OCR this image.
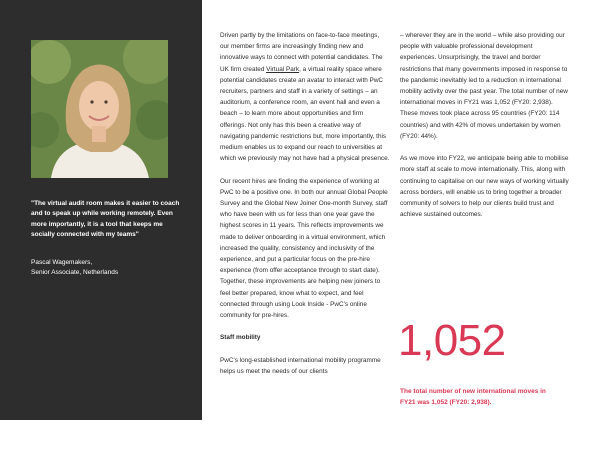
"The virtual audit room makes it easier to coach and to speak up while working remotely. Even more importantly, it is a tool that keeps me socially connected with my teams"
Pascal Wagemakers,
Senior Associate, Netherlands

Driven partly by the limitations on face-to-face meetings, our member firms are increasingly finding new and innovative ways to connect with potential candidates. The UK firm created Virtual Park, a virtual reality space where potential candidates create an avatar to interact with PwC recruiters, partners and staff in a variety of settings – an auditorium, a conference room, an event hall and even a beach – to learn more about opportunities and firm offerings. Not only has this been a creative way of navigating pandemic restrictions but, more importantly, this medium enables us to expand our reach to universities at which we previously may not have had a physical presence.

Our recent hires are finding the experience of working at PwC to be a positive one. In both our annual Global People Survey and the Global New Joiner One-month Survey, staff who have been with us for less than one year gave the highest scores in 11 years. This reflects improvements we made to deliver onboarding in a virtual environment, which increased the quality, consistency and inclusivity of the experience, and put a particular focus on the pre-hire experience (from offer acceptance through to start date). Together, these improvements are helping new joiners to feel better prepared, know what to expect, and feel connected through using Look Inside - PwC's online community for pre-hires.

Staff mobility

PwC's long-established international mobility programme helps us meet the needs of our clients

– wherever they are in the world – while also providing our people with valuable professional development experiences. Unsurprisingly, the travel and border restrictions that many governments imposed in response to the pandemic inevitably led to a reduction in international mobility activity over the past year. The total number of new international moves in FY21 was 1,052 (FY20: 2,938). These moves took place across 95 countries (FY20: 114 countries) and with 42% of moves undertaken by women (FY20: 44%).

As we move into FY22, we anticipate being able to mobilise more staff at scale to move internationally. This, along with continuing to capitalise on our new ways of working virtually across borders, will enable us to bring together a broader community of solvers to help our clients build trust and achieve sustained outcomes.

1,052
The total number of new international moves in FY21 was 1,052 (FY20: 2,938).
